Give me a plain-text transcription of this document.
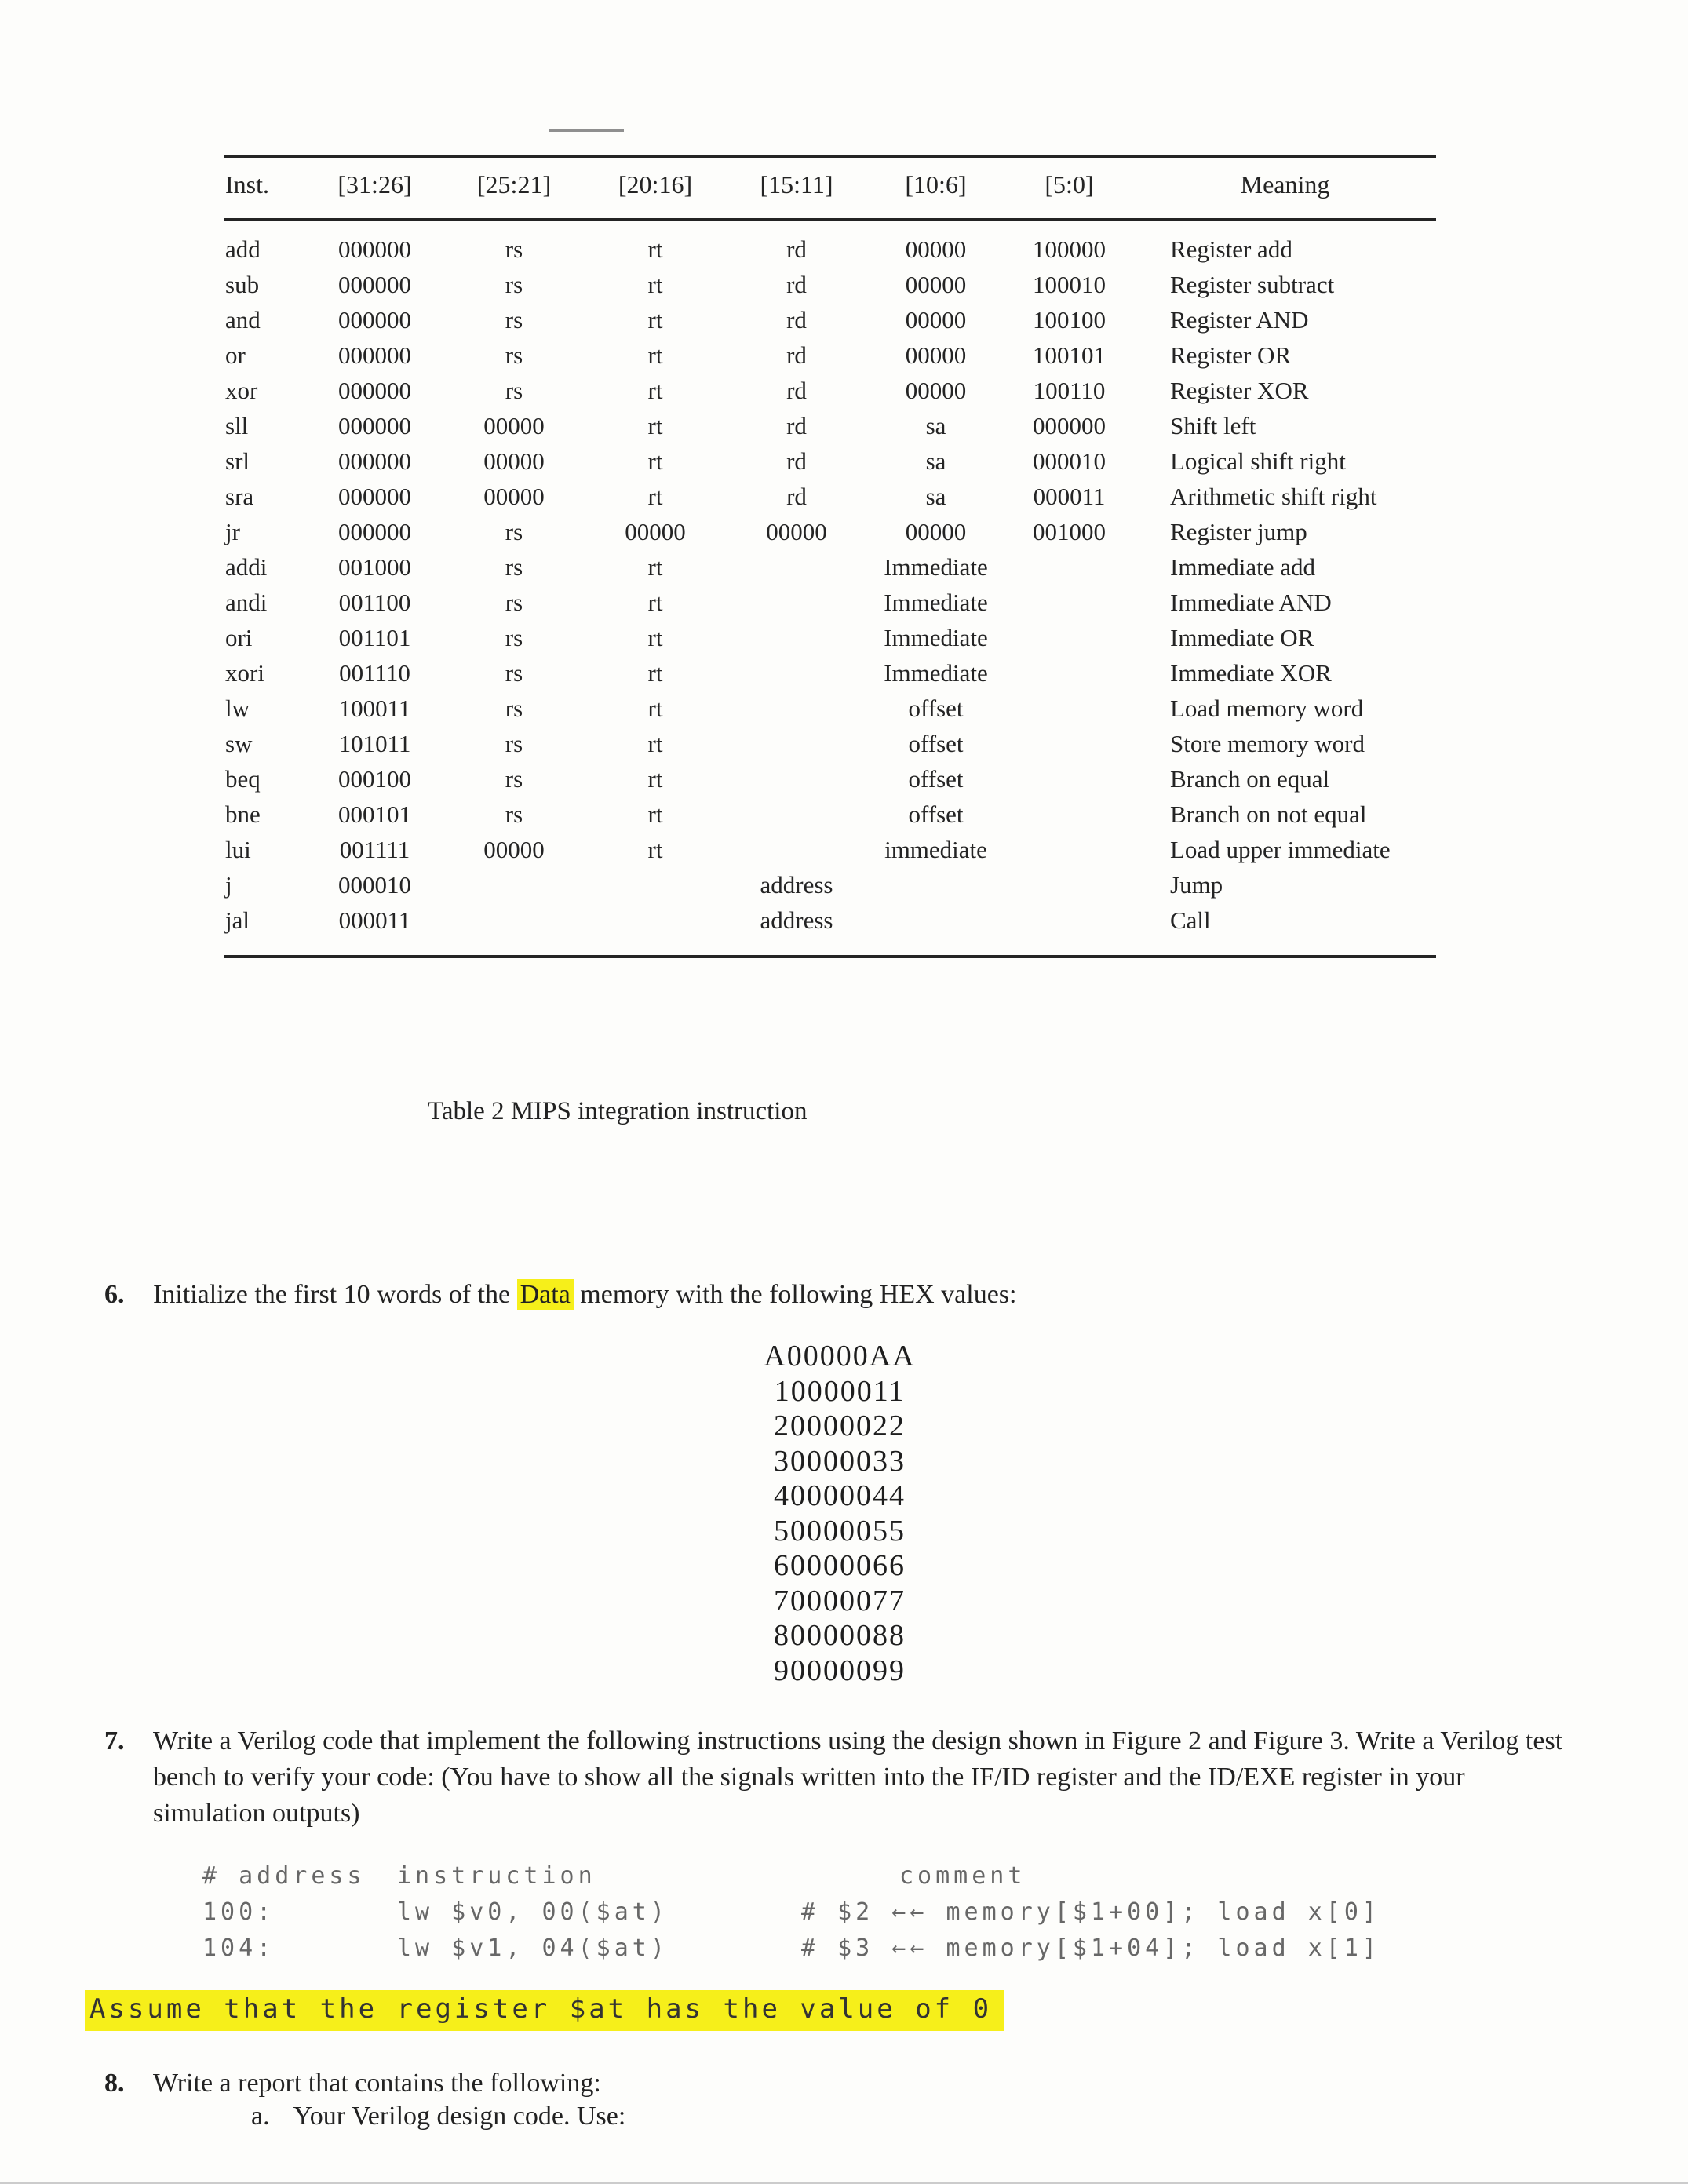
Inst.	[31:26]	[25:21]	[20:16]	[15:11]	[10:6]	[5:0]	Meaning
add	000000	rs	rt	rd	00000	100000	Register add
sub	000000	rs	rt	rd	00000	100010	Register subtract
and	000000	rs	rt	rd	00000	100100	Register AND
or	000000	rs	rt	rd	00000	100101	Register OR
xor	000000	rs	rt	rd	00000	100110	Register XOR
sll	000000	00000	rt	rd	sa	000000	Shift left
srl	000000	00000	rt	rd	sa	000010	Logical shift right
sra	000000	00000	rt	rd	sa	000011	Arithmetic shift right
jr	000000	rs	00000	00000	00000	001000	Register jump
addi	001000	rs	rt		Immediate		Immediate add
andi	001100	rs	rt		Immediate		Immediate AND
ori	001101	rs	rt		Immediate		Immediate OR
xori	001110	rs	rt		Immediate		Immediate XOR
lw	100011	rs	rt		offset		Load memory word
sw	101011	rs	rt		offset		Store memory word
beq	000100	rs	rt		offset		Branch on equal
bne	000101	rs	rt		offset		Branch on not equal
lui	001111	00000	rt		immediate		Load upper immediate
j	000010			address			Jump
jal	000011			address			Call
Table 2 MIPS integration instruction
6. Initialize the first 10 words of the Data memory with the following HEX values:
A00000AA
10000011
20000022
30000033
40000044
50000055
60000066
70000077
80000088
90000099
7. Write a Verilog code that implement the following instructions using the design shown in Figure 2 and Figure 3. Write a Verilog test bench to verify your code: (You have to show all the signals written into the IF/ID register and the ID/EXE register in your simulation outputs)
# address	instruction	comment
100:	lw $v0, 00($at)	# $2 ←← memory[$1+00]; load x[0]
104:	lw $v1, 04($at)	# $3 ←← memory[$1+04]; load x[1]
Assume that the register $at has the value of 0
8. Write a report that contains the following:
a. Your Verilog design code. Use:
